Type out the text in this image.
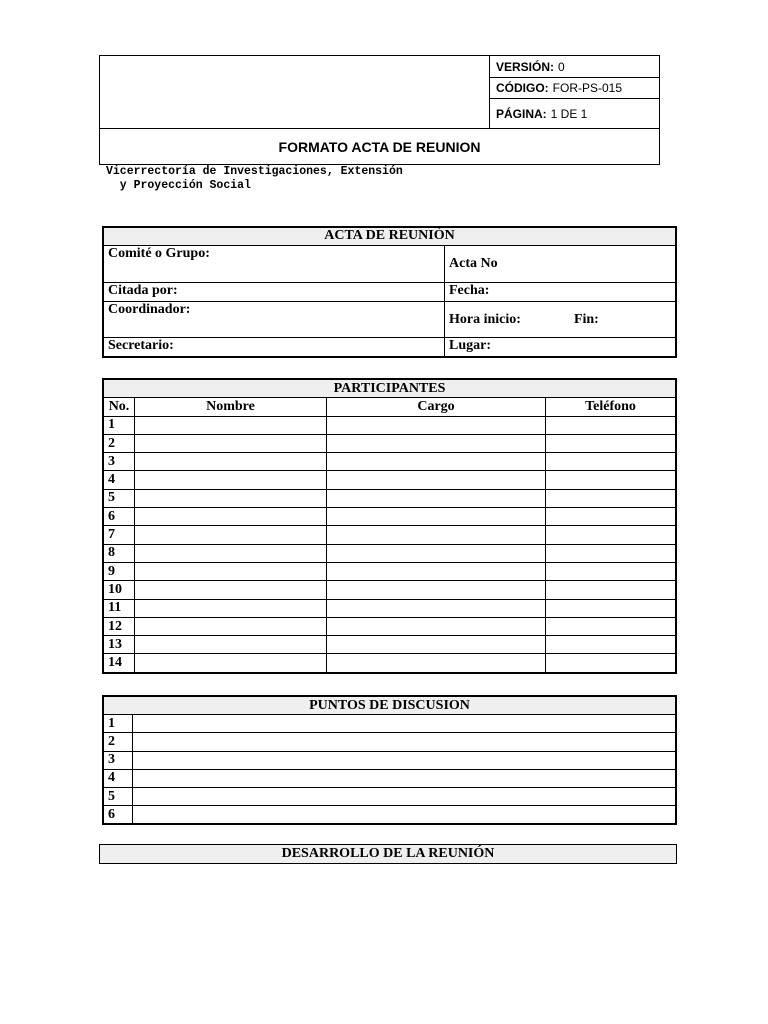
VERSIÓN: 0
CÓDIGO: FOR-PS-015
PÁGINA: 1 DE 1
FORMATO ACTA DE REUNION
Vicerrectoría de Investigaciones, Extensión
y Proyección Social
ACTA DE REUNIÓN	
Comité o Grupo:	Acta No
Citada por:	Fecha:
Coordinador:	Hora inicio: Fin:
Secretario:	Lugar:
PARTICIPANTES			
No.	Nombre	Cargo	Teléfono
1			
2			
3			
4			
5			
6			
7			
8			
9			
10			
11			
12			
13			
14			
PUNTOS DE DISCUSION	
1	
2	
3	
4	
5	
6	
DESARROLLO DE LA REUNIÓN
